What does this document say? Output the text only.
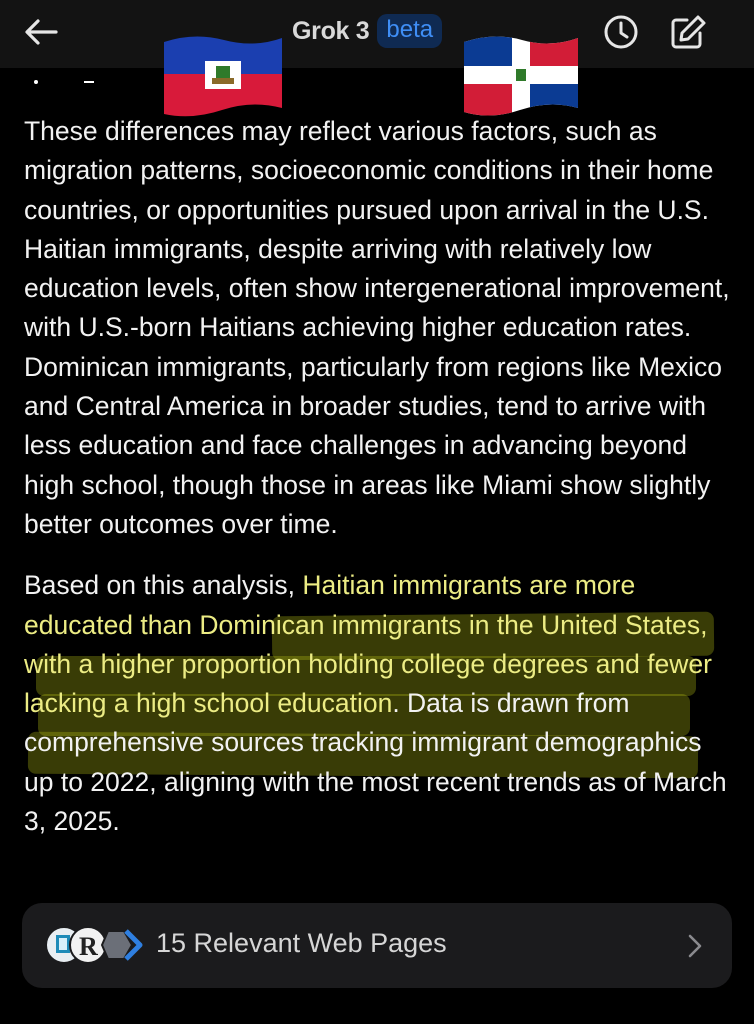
Grok 3 beta

These differences may reflect various factors, such as migration patterns, socioeconomic conditions in their home countries, or opportunities pursued upon arrival in the U.S. Haitian immigrants, despite arriving with relatively low education levels, often show intergenerational improvement, with U.S.-born Haitians achieving higher education rates. Dominican immigrants, particularly from regions like Mexico and Central America in broader studies, tend to arrive with less education and face challenges in advancing beyond high school, though those in areas like Miami show slightly better outcomes over time.

Based on this analysis, Haitian immigrants are more educated than Dominican immigrants in the United States, with a higher proportion holding college degrees and fewer lacking a high school education. Data is drawn from comprehensive sources tracking immigrant demographics up to 2022, aligning with the most recent trends as of March 3, 2025.

R 15 Relevant Web Pages
